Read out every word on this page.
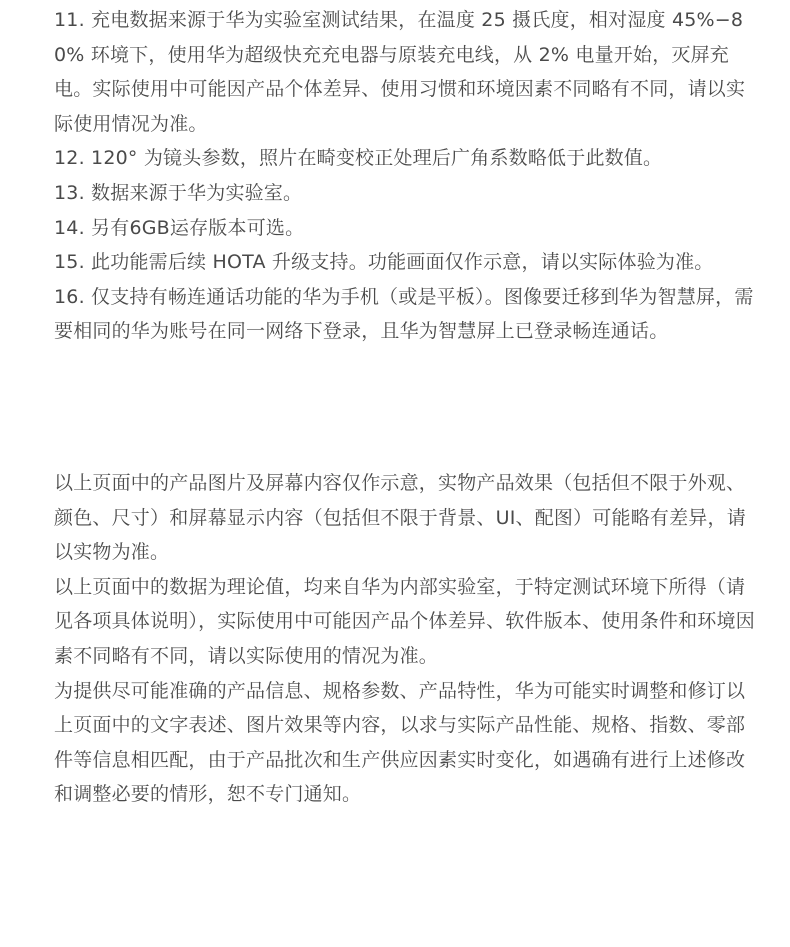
11. 充电数据来源于华为实验室测试结果，在温度 25 摄氏度，相对湿度 45%−80% 环境下，使用华为超级快充充电器与原装充电线，从 2% 电量开始，灭屏充电。实际使用中可能因产品个体差异、使用习惯和环境因素不同略有不同，请以实际使用情况为准。

12. 120° 为镜头参数，照片在畸变校正处理后广角系数略低于此数值。

13. 数据来源于华为实验室。

14. 另有6GB运存版本可选。

15. 此功能需后续 HOTA 升级支持。功能画面仅作示意，请以实际体验为准。

16. 仅支持有畅连通话功能的华为手机（或是平板）。图像要迁移到华为智慧屏，需要相同的华为账号在同一网络下登录，且华为智慧屏上已登录畅连通话。

以上页面中的产品图片及屏幕内容仅作示意，实物产品效果（包括但不限于外观、颜色、尺寸）和屏幕显示内容（包括但不限于背景、UI、配图）可能略有差异，请以实物为准。

以上页面中的数据为理论值，均来自华为内部实验室，于特定测试环境下所得（请见各项具体说明），实际使用中可能因产品个体差异、软件版本、使用条件和环境因素不同略有不同，请以实际使用的情况为准。

为提供尽可能准确的产品信息、规格参数、产品特性，华为可能实时调整和修订以上页面中的文字表述、图片效果等内容，以求与实际产品性能、规格、指数、零部件等信息相匹配，由于产品批次和生产供应因素实时变化，如遇确有进行上述修改和调整必要的情形，恕不专门通知。
